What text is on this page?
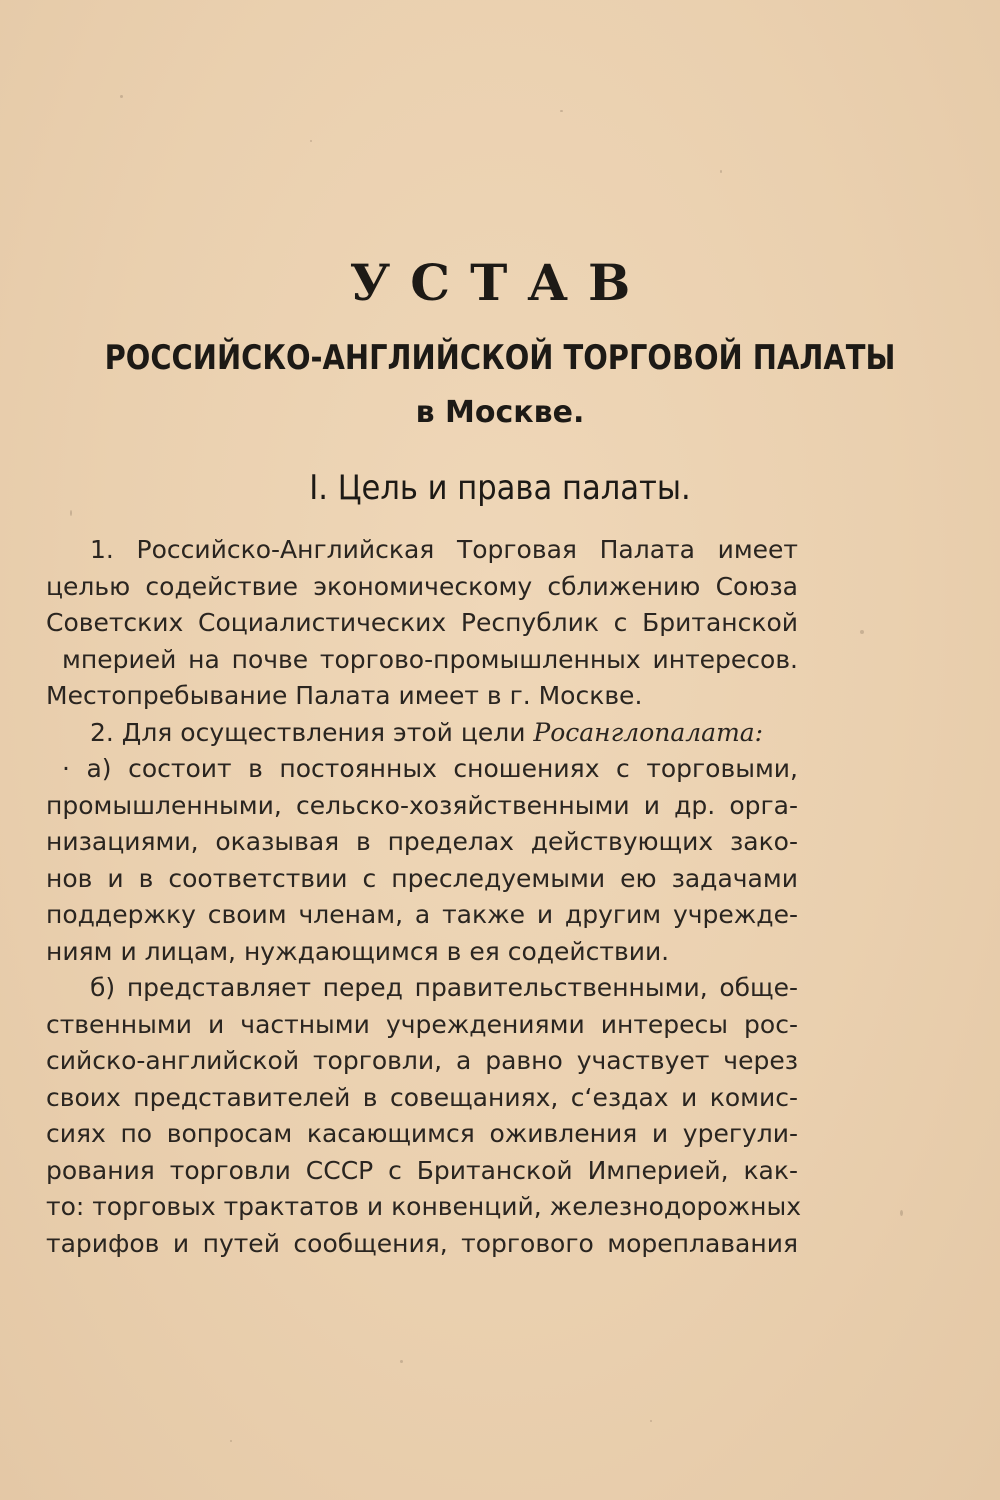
УСТАВ
РОССИЙСКО-АНГЛИЙСКОЙ ТОРГОВОЙ ПАЛАТЫ
в Москве.
I. Цель и права палаты.
1. Российско-Английская Торговая Палата имеет
целью содействие экономическому сближению Союза
Советских Социалистических Республик с Британской
мперией на почве торгово-промышленных интересов.
Местопребывание Палата имеет в г. Москве.
2. Для осуществления этой цели Росанглопалата:
· а) состоит в постоянных сношениях с торговыми,
промышленными, сельско-хозяйственными и др. орга-
низациями, оказывая в пределах действующих зако-
нов и в соответствии с преследуемыми ею задачами
поддержку своим членам, а также и другим учрежде-
ниям и лицам, нуждающимся в ея содействии.
б) представляет перед правительственными, обще-
ственными и частными учреждениями интересы рос-
сийско-английской торговли, а равно участвует через
своих представителей в совещаниях, с‘ездах и комис-
сиях по вопросам касающимся оживления и урегули-
рования торговли СССР с Британской Империей, как-
то: торговых трактатов и конвенций, железнодорожных
тарифов и путей сообщения, торгового мореплавания
